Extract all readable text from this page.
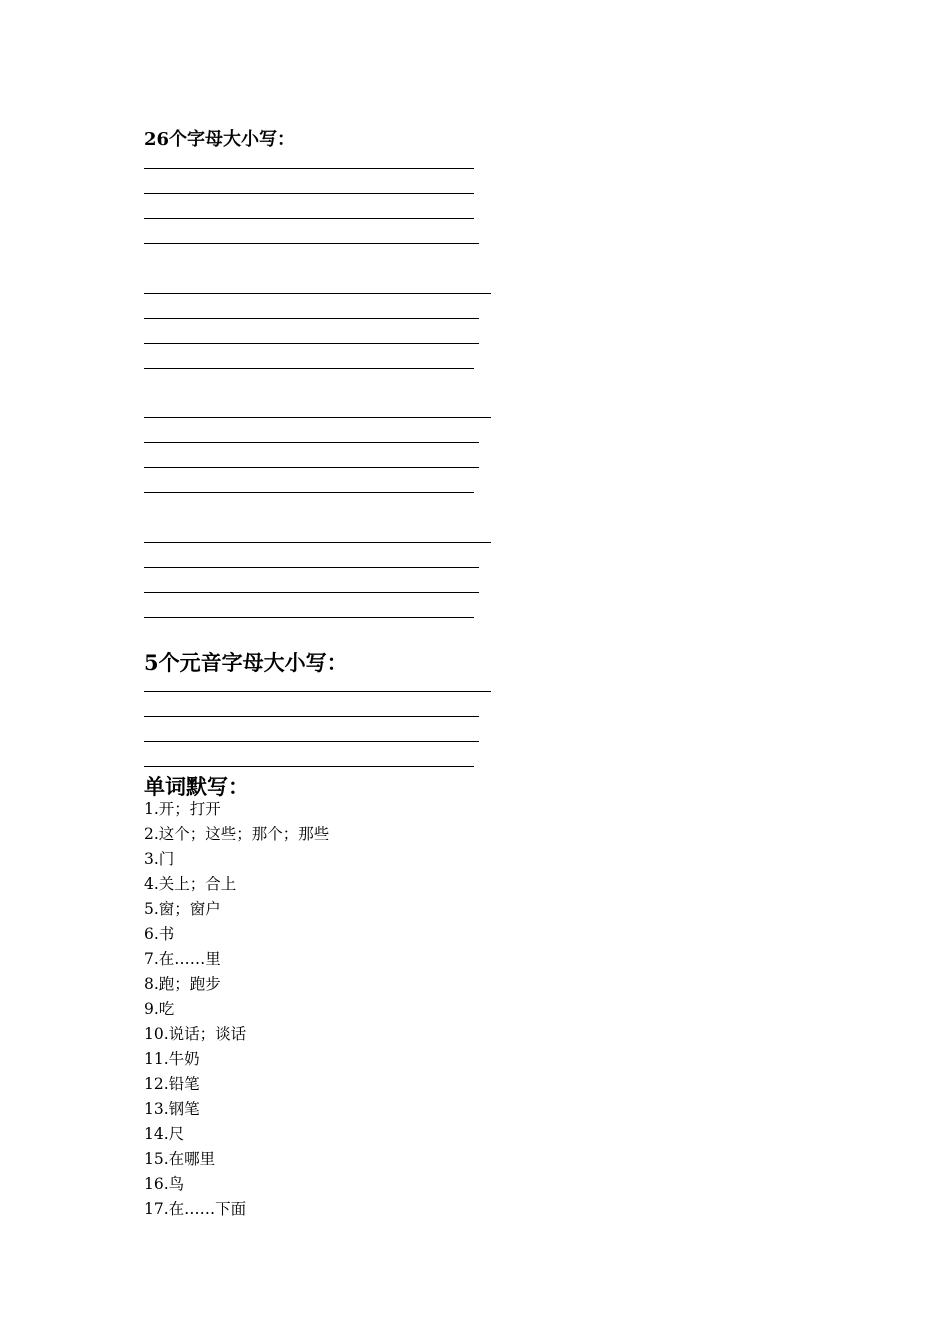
26个字母大小写：
5个元音字母大小写：
单词默写：
1.开；打开
2.这个；这些；那个；那些
3.门
4.关上；合上
5.窗；窗户
6.书
7.在……里
8.跑；跑步
9.吃
10.说话；谈话
11.牛奶
12.铅笔
13.钢笔
14.尺
15.在哪里
16.鸟
17.在……下面
